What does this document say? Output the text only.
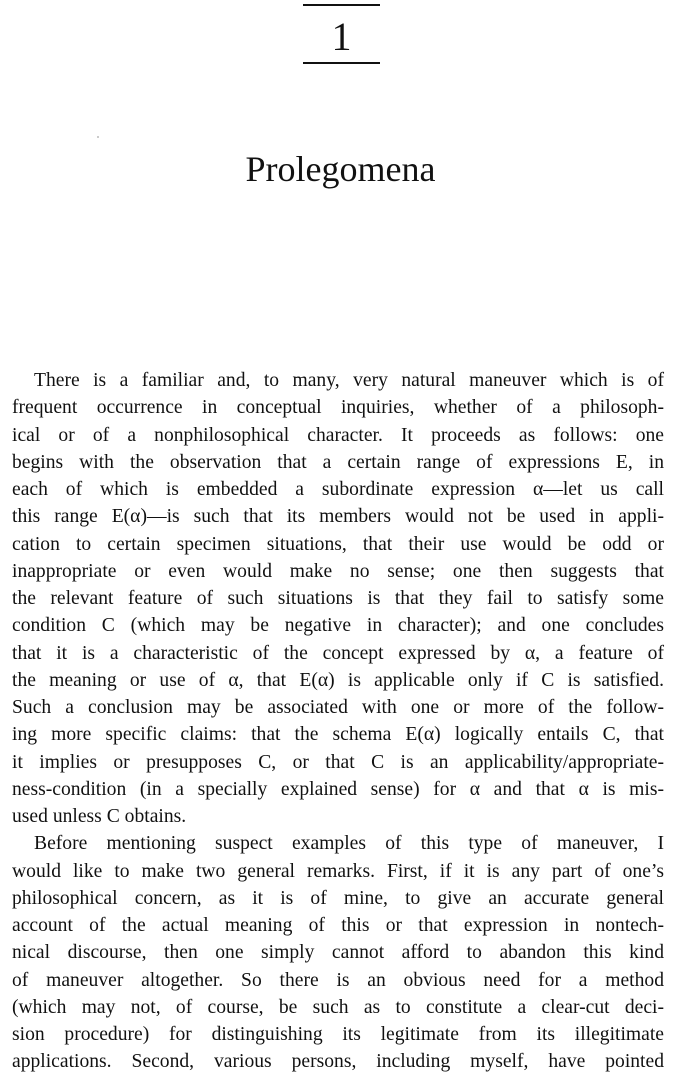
1
Prolegomena
There is a familiar and, to many, very natural maneuver which is of
frequent occurrence in conceptual inquiries, whether of a philosoph-
ical or of a nonphilosophical character. It proceeds as follows: one
begins with the observation that a certain range of expressions E, in
each of which is embedded a subordinate expression α—let us call
this range E(α)—is such that its members would not be used in appli-
cation to certain specimen situations, that their use would be odd or
inappropriate or even would make no sense; one then suggests that
the relevant feature of such situations is that they fail to satisfy some
condition C (which may be negative in character); and one concludes
that it is a characteristic of the concept expressed by α, a feature of
the meaning or use of α, that E(α) is applicable only if C is satisfied.
Such a conclusion may be associated with one or more of the follow-
ing more specific claims: that the schema E(α) logically entails C, that
it implies or presupposes C, or that C is an applicability/appropriate-
ness-condition (in a specially explained sense) for α and that α is mis-
used unless C obtains.
Before mentioning suspect examples of this type of maneuver, I
would like to make two general remarks. First, if it is any part of one’s
philosophical concern, as it is of mine, to give an accurate general
account of the actual meaning of this or that expression in nontech-
nical discourse, then one simply cannot afford to abandon this kind
of maneuver altogether. So there is an obvious need for a method
(which may not, of course, be such as to constitute a clear-cut deci-
sion procedure) for distinguishing its legitimate from its illegitimate
applications. Second, various persons, including myself, have pointed
